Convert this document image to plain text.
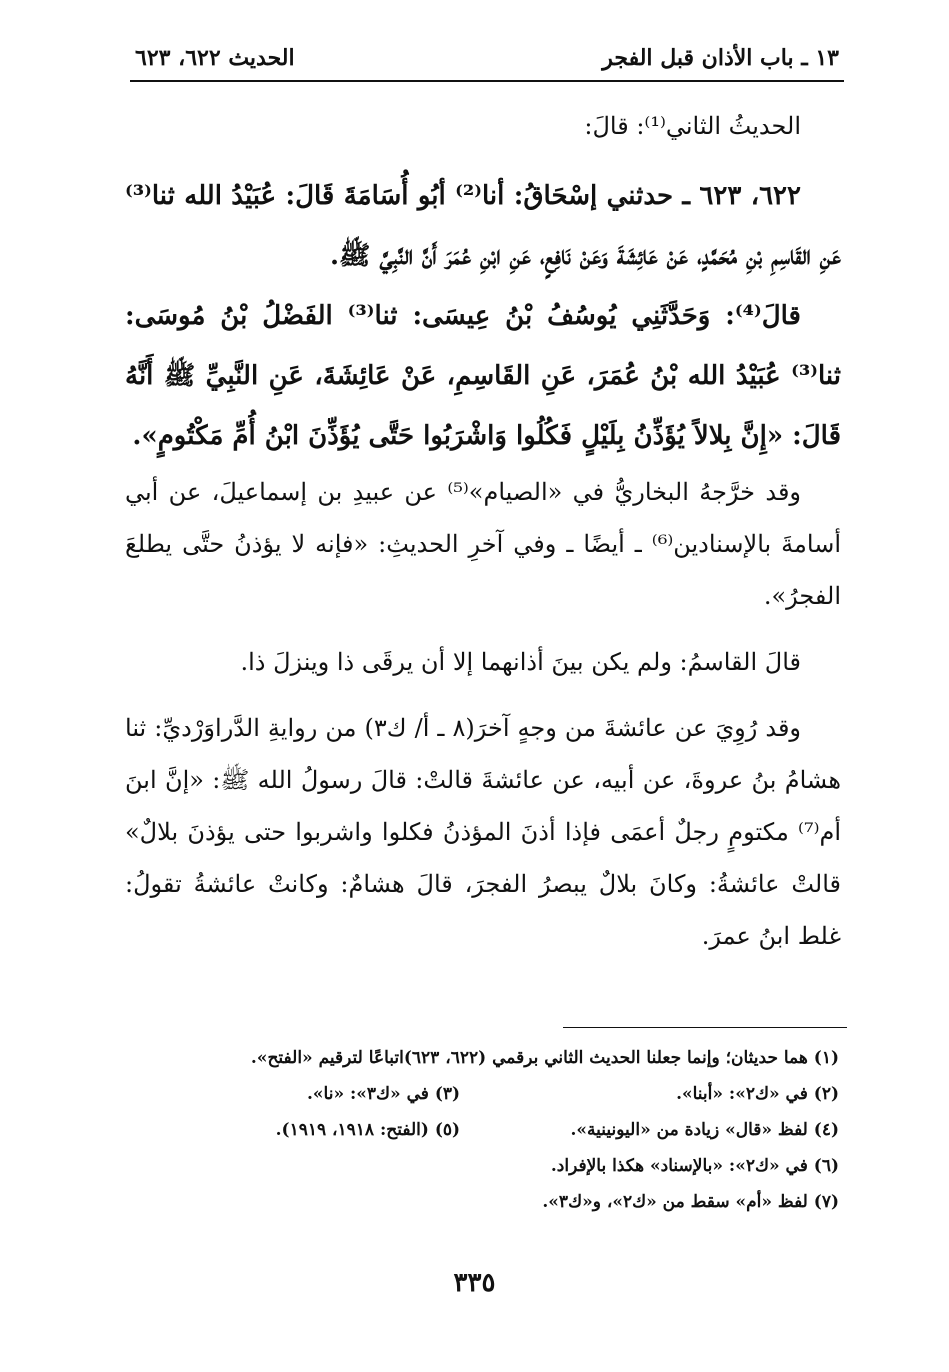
الحديث ٦٢٢، ٦٢٣	١٣ ـ باب الأذان قبل الفجر

الحديثُ الثاني⁽¹⁾: قالَ:

٦٢٢، ٦٢٣ ـ حدثني إسْحَاقُ: أنا⁽²⁾ أبُو أُسَامَةَ قَالَ: عُبَيْدُ الله ثنا⁽³⁾ عَنِ القَاسِمِ بْنِ مُحَمَّدٍ، عَنْ عَائِشَةَ وَعَنْ نَافِعٍ، عَنِ ابْنِ عُمَرَ أَنَّ النَّبِيَّ ﷺ.

قالَ⁽⁴⁾: وَحَدَّثَنِي يُوسُفُ بْنُ عِيسَى: ثنا⁽³⁾ الفَضْلُ بْنُ مُوسَى: ثنا⁽³⁾ عُبَيْدُ الله بْنُ عُمَرَ، عَنِ القَاسِمِ، عَنْ عَائِشَةَ، عَنِ النَّبِيِّ ﷺ أَنَّهُ قَالَ: «إِنَّ بِلالاً يُؤَذِّنُ بِلَيْلٍ فَكُلُوا وَاشْرَبُوا حَتَّى يُؤَذِّنَ ابْنُ أُمِّ مَكْتُومٍ».

وقد خرَّجهُ البخاريُّ في «الصيام»⁽⁵⁾ عن عبيدِ بن إسماعيلَ، عن أبي أسامةَ بالإسنادين⁽⁶⁾ ـ أيضًا ـ وفي آخرِ الحديثِ: «فإنه لا يؤذنُ حتَّى يطلعَ الفجرُ».

قالَ القاسمُ: ولم يكن بينَ أذانهما إلا أن يرقَى ذا وينزلَ ذا.

وقد رُوِيَ عن عائشةَ من وجهٍ آخرَ(٨ ـ أ/ ك٣) من روايةِ الدَّراوَرْديِّ: ثنا هشامُ بنُ عروةَ، عن أبيه، عن عائشةَ قالتْ: قالَ رسولُ الله ﷺ: «إنَّ ابنَ أم⁽⁷⁾ مكتومٍ رجلٌ أعمَى فإذا أذنَ المؤذنُ فكلوا واشربوا حتى يؤذنَ بلالٌ» قالتْ عائشةُ: وكانَ بلالٌ يبصرُ الفجرَ، قالَ هشامٌ: وكانتْ عائشةُ تقولُ: غلط ابنُ عمرَ.

(١) هما حديثان؛ وإنما جعلنا الحديث الثاني برقمي (٦٢٢، ٦٢٣)اتباعًا لترقيم «الفتح».
(٢) في «ك٢»: «أبنا».
(٣) في «ك٣»: «نا».
(٤) لفظ «قال» زيادة من «اليونينية».
(٥) (الفتح: ١٩١٨، ١٩١٩).
(٦) في «ك٢»: «بالإسناد» هكذا بالإفراد.
(٧) لفظ «أم» سقط من «ك٢»، و«ك٣».
٣٣٥
